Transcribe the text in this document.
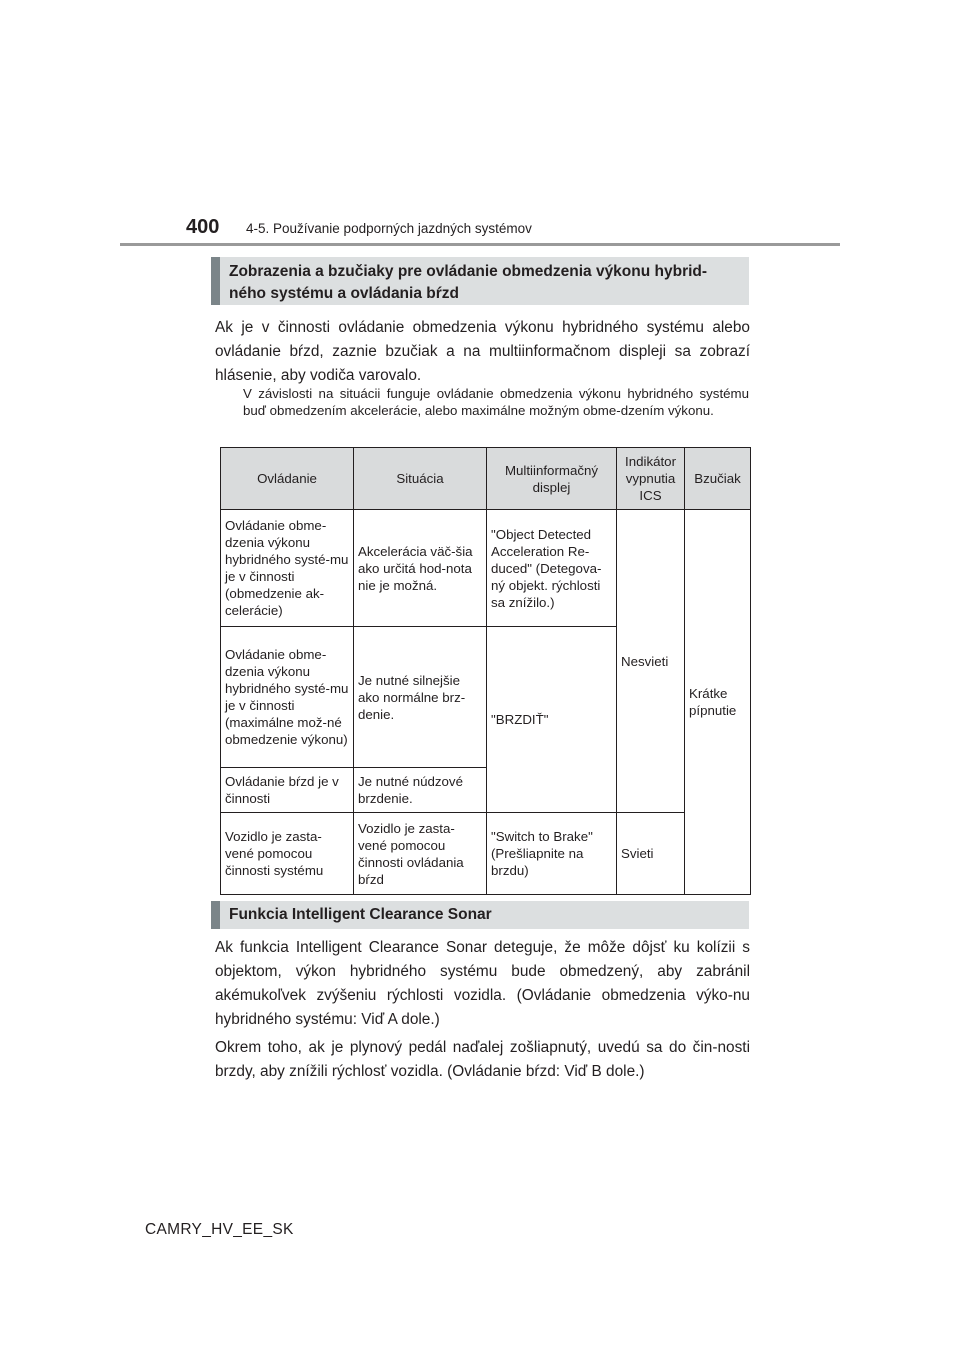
400 4-5. Používanie podporných jazdných systémov
Zobrazenia a bzučiaky pre ovládanie obmedzenia výkonu hybrid-
ného systému a ovládania bŕzd
Ak je v činnosti ovládanie obmedzenia výkonu hybridného systému alebo ovládanie bŕzd, zaznie bzučiak a na multiinformačnom displeji sa zobrazí hlásenie, aby vodiča varovalo.
V závislosti na situácii funguje ovládanie obmedzenia výkonu hybridného systému buď obmedzením akcelerácie, alebo maximálne možným obme-dzením výkonu.
Ovládanie	Situácia	Multiinformačný displej	Indikátor vypnutia ICS	Bzučiak
Ovládanie obme-dzenia výkonu hybridného systé-mu je v činnosti (obmedzenie ak-celerácie)	Akcelerácia väč-šia ako určitá hod-nota nie je možná.	"Object Detected Acceleration Re-duced" (Detegova-ný objekt. rýchlosti sa znížilo.)	Nesvieti	Krátke pípnutie
Ovládanie obme-dzenia výkonu hybridného systé-mu je v činnosti (maximálne mož-né obmedzenie výkonu)	Je nutné silnejšie ako normálne brz-denie.	"BRZDIŤ"		
Ovládanie bŕzd je v činnosti	Je nutné núdzové brzdenie.			
Vozidlo je zasta-vené pomocou činnosti systému	Vozidlo je zasta-vené pomocou činnosti ovládania bŕzd	"Switch to Brake" (Prešliapnite na brzdu)	Svieti	
Funkcia Intelligent Clearance Sonar
Ak funkcia Intelligent Clearance Sonar deteguje, že môže dôjsť ku kolízii s objektom, výkon hybridného systému bude obmedzený, aby zabránil akémukoľvek zvýšeniu rýchlosti vozidla. (Ovládanie obmedzenia výko-nu hybridného systému: Viď A dole.)
Okrem toho, ak je plynový pedál naďalej zošliapnutý, uvedú sa do čin-nosti brzdy, aby znížili rýchlosť vozidla. (Ovládanie bŕzd: Viď B dole.)
CAMRY_HV_EE_SK
